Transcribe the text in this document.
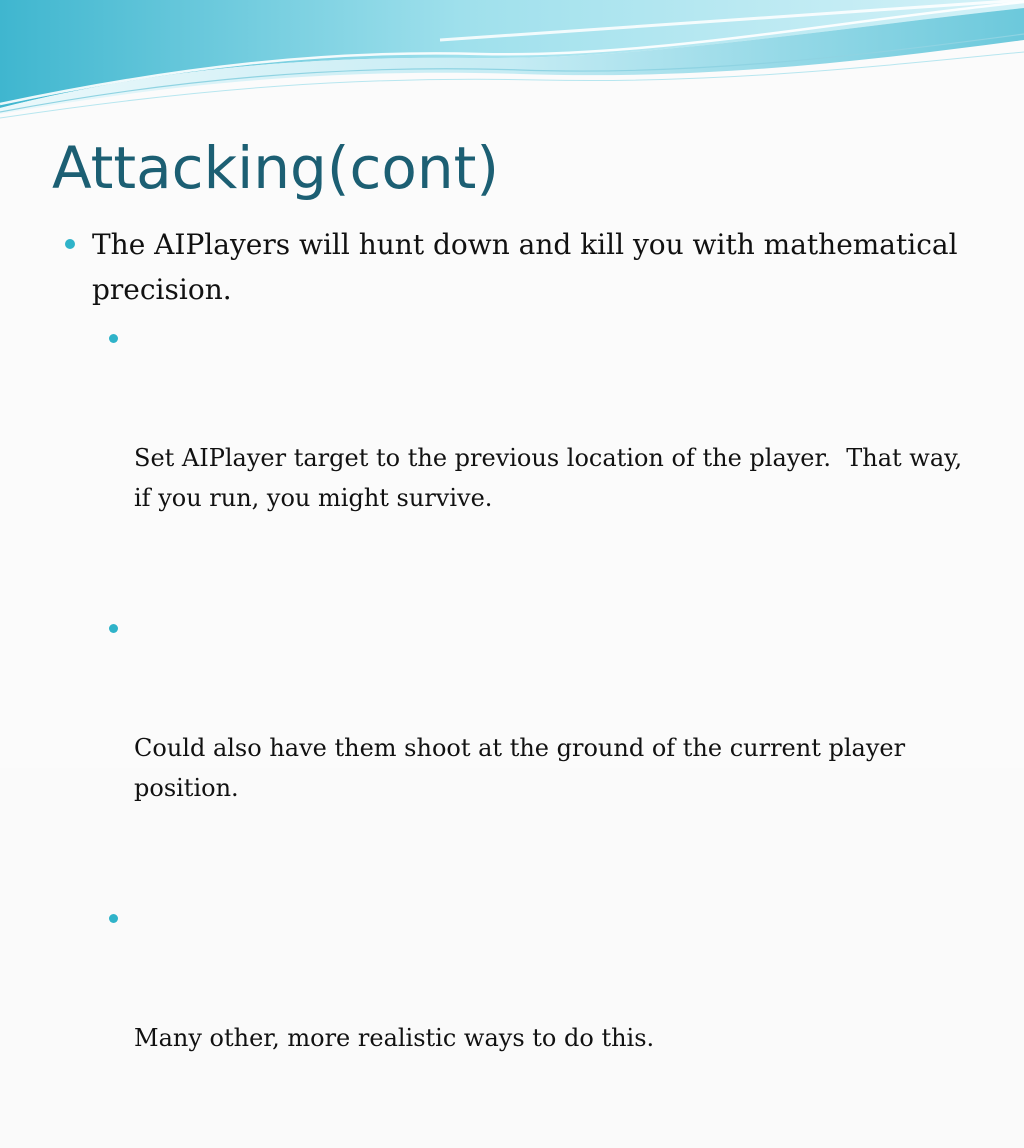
Attacking(cont)
The AIPlayers will hunt down and kill you with mathematical precision.

Set AIPlayer target to the previous location of the player.  That way, if you run, you might survive.

Could also have them shoot at the ground of the current player position.

Many other, more realistic ways to do this.
